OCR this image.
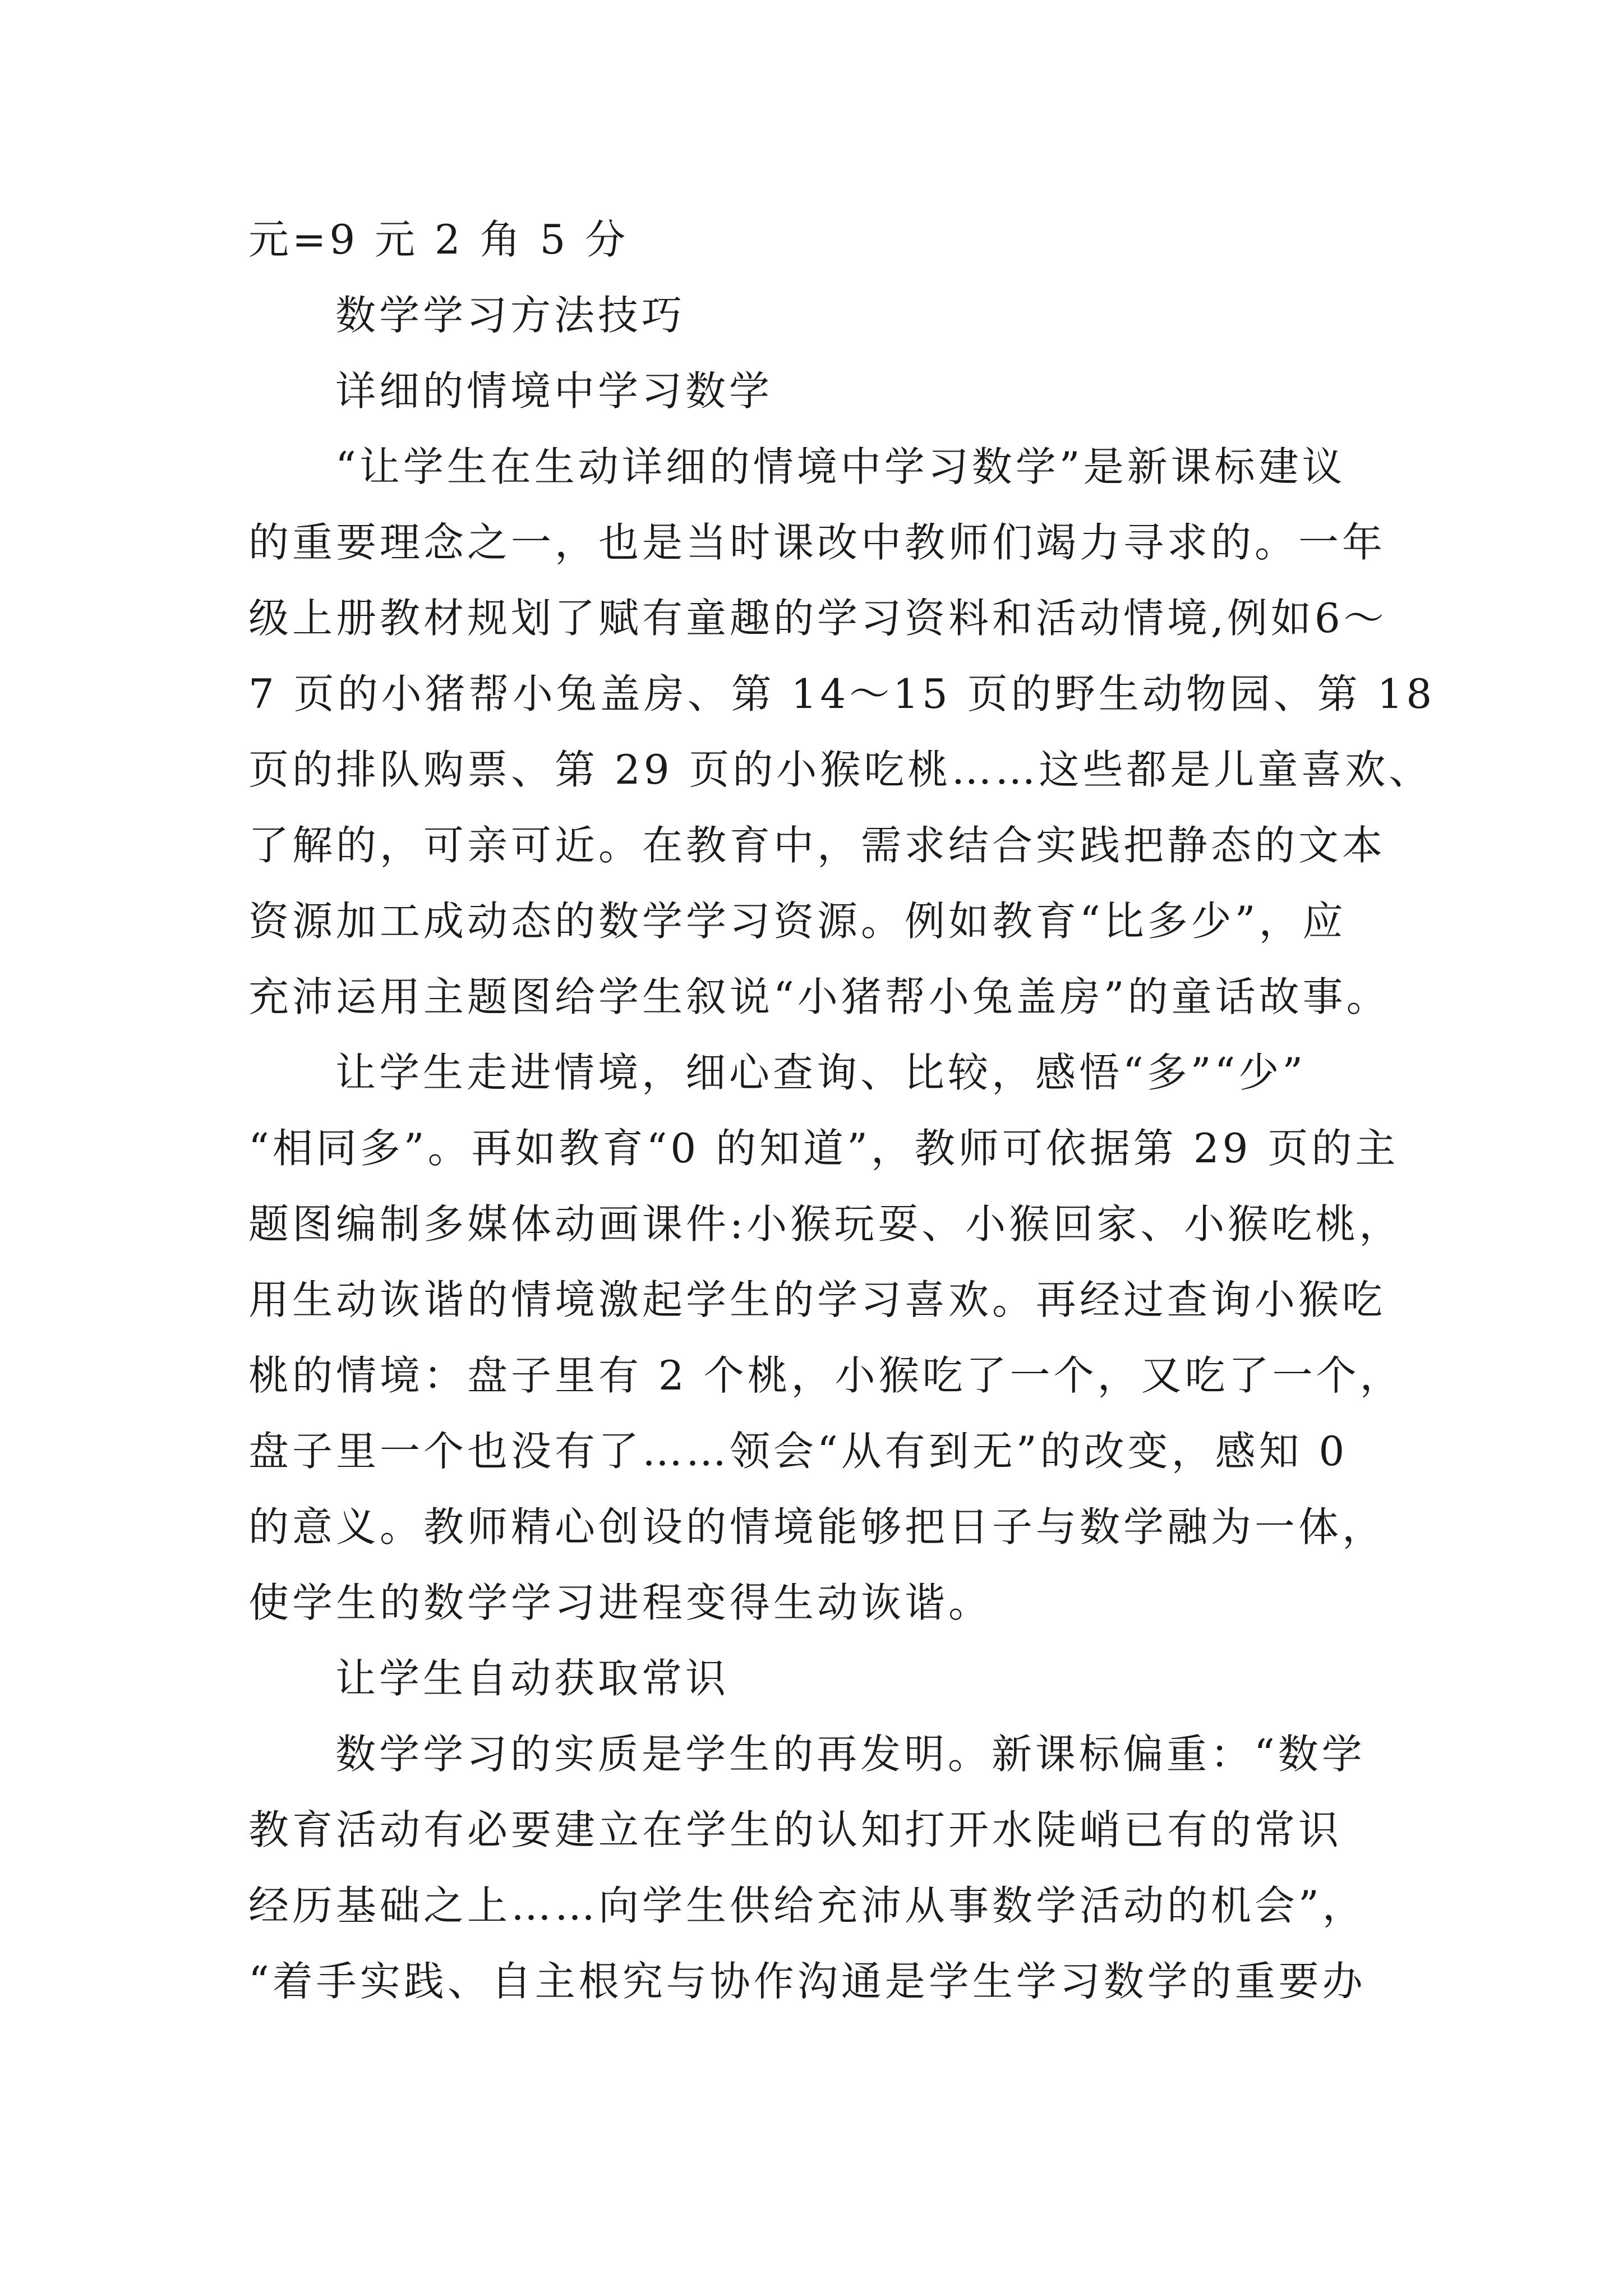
元=9 元 2 角 5 分
数学学习方法技巧
详细的情境中学习数学
“让学生在生动详细的情境中学习数学”是新课标建议
的重要理念之一，也是当时课改中教师们竭力寻求的。一年
级上册教材规划了赋有童趣的学习资料和活动情境,例如6～
7 页的小猪帮小兔盖房、第 14～15 页的野生动物园、第 18
页的排队购票、第 29 页的小猴吃桃……这些都是儿童喜欢、
了解的，可亲可近。在教育中，需求结合实践把静态的文本
资源加工成动态的数学学习资源。例如教育“比多少”，应
充沛运用主题图给学生叙说“小猪帮小兔盖房”的童话故事。
让学生走进情境，细心查询、比较，感悟“多”“少”
“相同多”。再如教育“0 的知道”，教师可依据第 29 页的主
题图编制多媒体动画课件:小猴玩耍、小猴回家、小猴吃桃，
用生动诙谐的情境激起学生的学习喜欢。再经过查询小猴吃
桃的情境：盘子里有 2 个桃，小猴吃了一个，又吃了一个，
盘子里一个也没有了……领会“从有到无”的改变，感知 0
的意义。教师精心创设的情境能够把日子与数学融为一体，
使学生的数学学习进程变得生动诙谐。
让学生自动获取常识
数学学习的实质是学生的再发明。新课标偏重：“数学
教育活动有必要建立在学生的认知打开水陡峭已有的常识
经历基础之上……向学生供给充沛从事数学活动的机会”，
“着手实践、自主根究与协作沟通是学生学习数学的重要办
